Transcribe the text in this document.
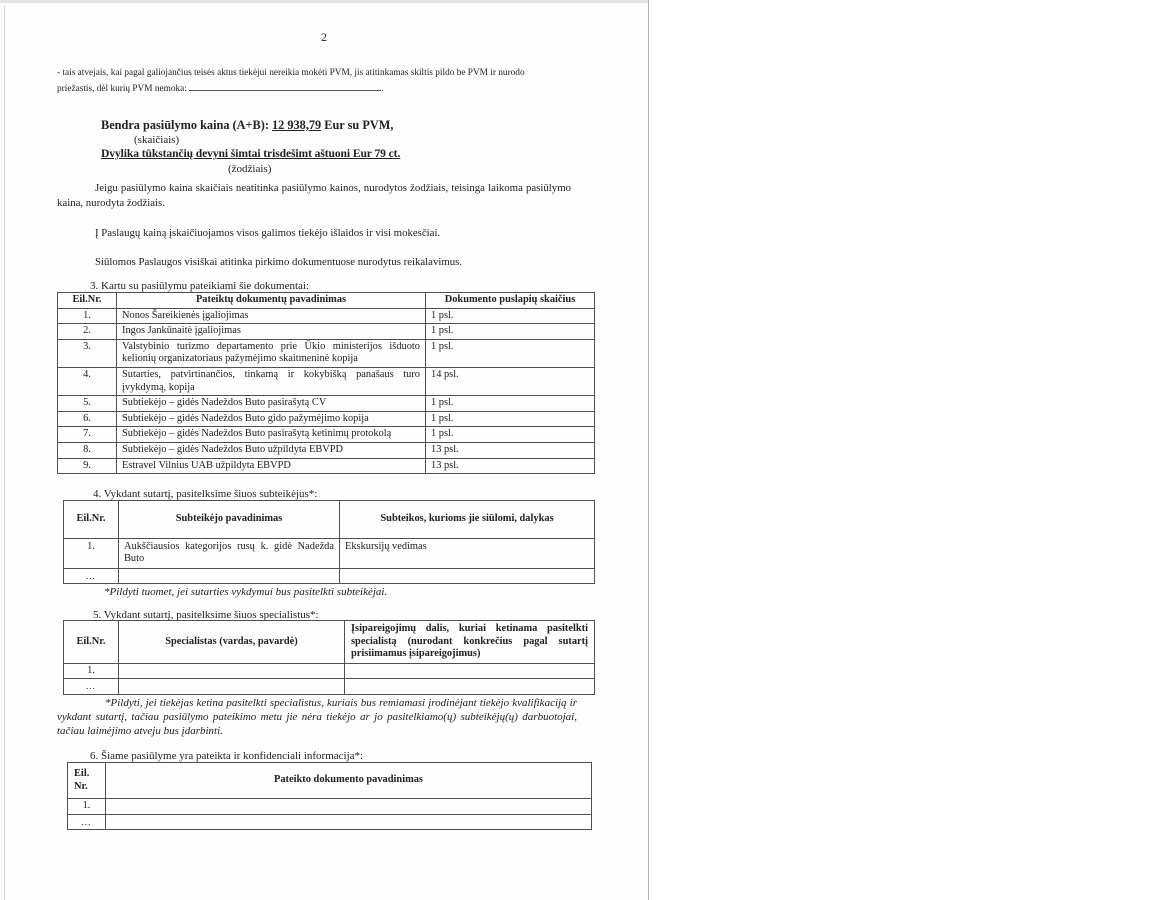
2
- tais atvejais, kai pagal galiojančius teisės aktus tiekėjui nereikia mokėti PVM, jis atitinkamas skiltis pildo be PVM ir nurodo
priežastis, dėl kurių PVM nemoka:	.
Bendra pasiūlymo kaina (A+B): 12 938,79 Eur su PVM,
(skaičiais)
Dvylika tūkstančių devyni šimtai trisdešimt aštuoni Eur 79 ct.
(žodžiais)
Jeigu pasiūlymo kaina skaičiais neatitinka pasiūlymo kainos, nurodytos žodžiais, teisinga laikoma pasiūlymo kaina, nurodyta žodžiais.
Į Paslaugų kainą įskaičiuojamos visos galimos tiekėjo išlaidos ir visi mokesčiai.
Siūlomos Paslaugos visiškai atitinka pirkimo dokumentuose nurodytus reikalavimus.
3. Kartu su pasiūlymu pateikiami šie dokumentai:
Eil.Nr.	Pateiktų dokumentų pavadinimas	Dokumento puslapių skaičius
1.	Nonos Šareikienės įgaliojimas	1 psl.
2.	Ingos Jankūnaitė įgaliojimas	1 psl.
3.	Valstybinio turizmo departamento prie Ūkio ministerijos išduoto kelionių organizatoriaus pažymėjimo skaitmeninė kopija	1 psl.
4.	Sutarties, patvirtinančios, tinkamą ir kokybišką panašaus turo įvykdymą, kopija	14 psl.
5.	Subtiekėjo – gidės Nadeždos Buto pasirašytą CV	1 psl.
6.	Subtiekėjo – gidės Nadeždos Buto gido pažymėjimo kopija	1 psl.
7.	Subtiekėjo – gidės Nadeždos Buto pasirašytą ketinimų protokolą	1 psl.
8.	Subtiekėjo – gidės Nadeždos Buto užpildyta EBVPD	13 psl.
9.	Estravel Vilnius UAB užpildyta EBVPD	13 psl.
4. Vykdant sutartį, pasitelksime šiuos subteikėjus*:
Eil.Nr.	Subteikėjo pavadinimas	Subteikos, kurioms jie siūlomi, dalykas
1.	Aukščiausios kategorijos rusų k. gidė Nadežda Buto	Ekskursijų vedimas
...		
*Pildyti tuomet, jei sutarties vykdymui bus pasitelkti subteikėjai.
5. Vykdant sutartį, pasitelksime šiuos specialistus*:
Eil.Nr.	Specialistas (vardas, pavardė)	Įsipareigojimų dalis, kuriai ketinama pasitelkti specialistą (nurodant konkrečius pagal sutartį prisiimamus įsipareigojimus)
1.		
...		
*Pildyti, jei tiekėjas ketina pasitelkti specialistus, kuriais bus remiamasi įrodinėjant tiekėjo kvalifikaciją ir vykdant sutartį, tačiau pasiūlymo pateikimo metu jie nėra tiekėjo ar jo pasitelkiamo(ų) subteikėjų(ų) darbuotojai, tačiau laimėjimo atveju bus įdarbinti.
6. Šiame pasiūlyme yra pateikta ir konfidenciali informacija*:
Eil.
Nr.	Pateikto dokumento pavadinimas
1.	
...	
